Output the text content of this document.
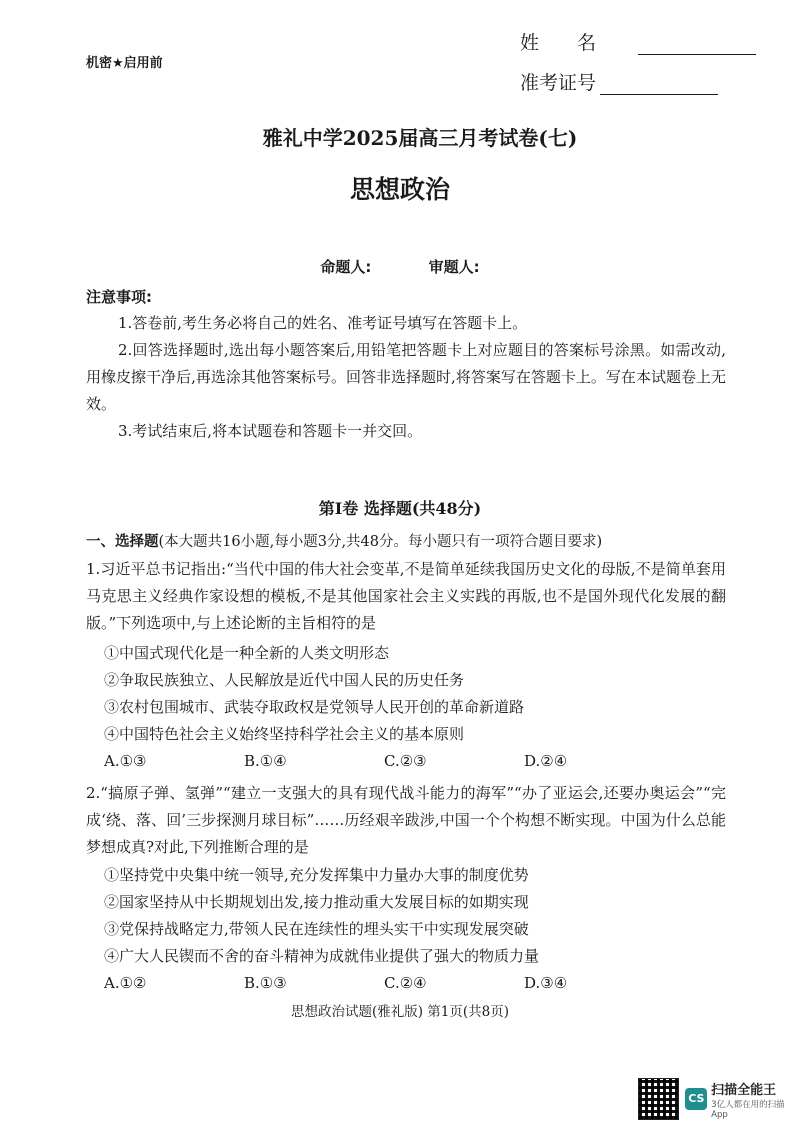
机密★启用前
姓名
准考证号
雅礼中学2025届高三月考试卷(七)
思想政治
命题人:	审题人:
注意事项:
1.答卷前,考生务必将自己的姓名、准考证号填写在答题卡上。
2.回答选择题时,选出每小题答案后,用铅笔把答题卡上对应题目的答案标号涂黑。如需改动,用橡皮擦干净后,再选涂其他答案标号。回答非选择题时,将答案写在答题卡上。写在本试题卷上无效。
3.考试结束后,将本试题卷和答题卡一并交回。
第Ⅰ卷 选择题(共48分)
一、选择题(本大题共16小题,每小题3分,共48分。每小题只有一项符合题目要求)
1.习近平总书记指出:“当代中国的伟大社会变革,不是简单延续我国历史文化的母版,不是简单套用马克思主义经典作家设想的模板,不是其他国家社会主义实践的再版,也不是国外现代化发展的翻版。”下列选项中,与上述论断的主旨相符的是
①中国式现代化是一种全新的人类文明形态
②争取民族独立、人民解放是近代中国人民的历史任务
③农村包围城市、武装夺取政权是党领导人民开创的革命新道路
④中国特色社会主义始终坚持科学社会主义的基本原则
A.①③	B.①④	C.②③	D.②④
2.“搞原子弹、氢弹”“建立一支强大的具有现代战斗能力的海军”“办了亚运会,还要办奥运会”“完成‘绕、落、回’三步探测月球目标”……历经艰辛跋涉,中国一个个构想不断实现。中国为什么总能梦想成真?对此,下列推断合理的是
①坚持党中央集中统一领导,充分发挥集中力量办大事的制度优势
②国家坚持从中长期规划出发,接力推动重大发展目标的如期实现
③党保持战略定力,带领人民在连续性的埋头实干中实现发展突破
④广大人民锲而不舍的奋斗精神为成就伟业提供了强大的物质力量
A.①②	B.①③	C.②④	D.③④
思想政治试题(雅礼版) 第1页(共8页)
CS
扫描全能王
3亿人都在用的扫描App
